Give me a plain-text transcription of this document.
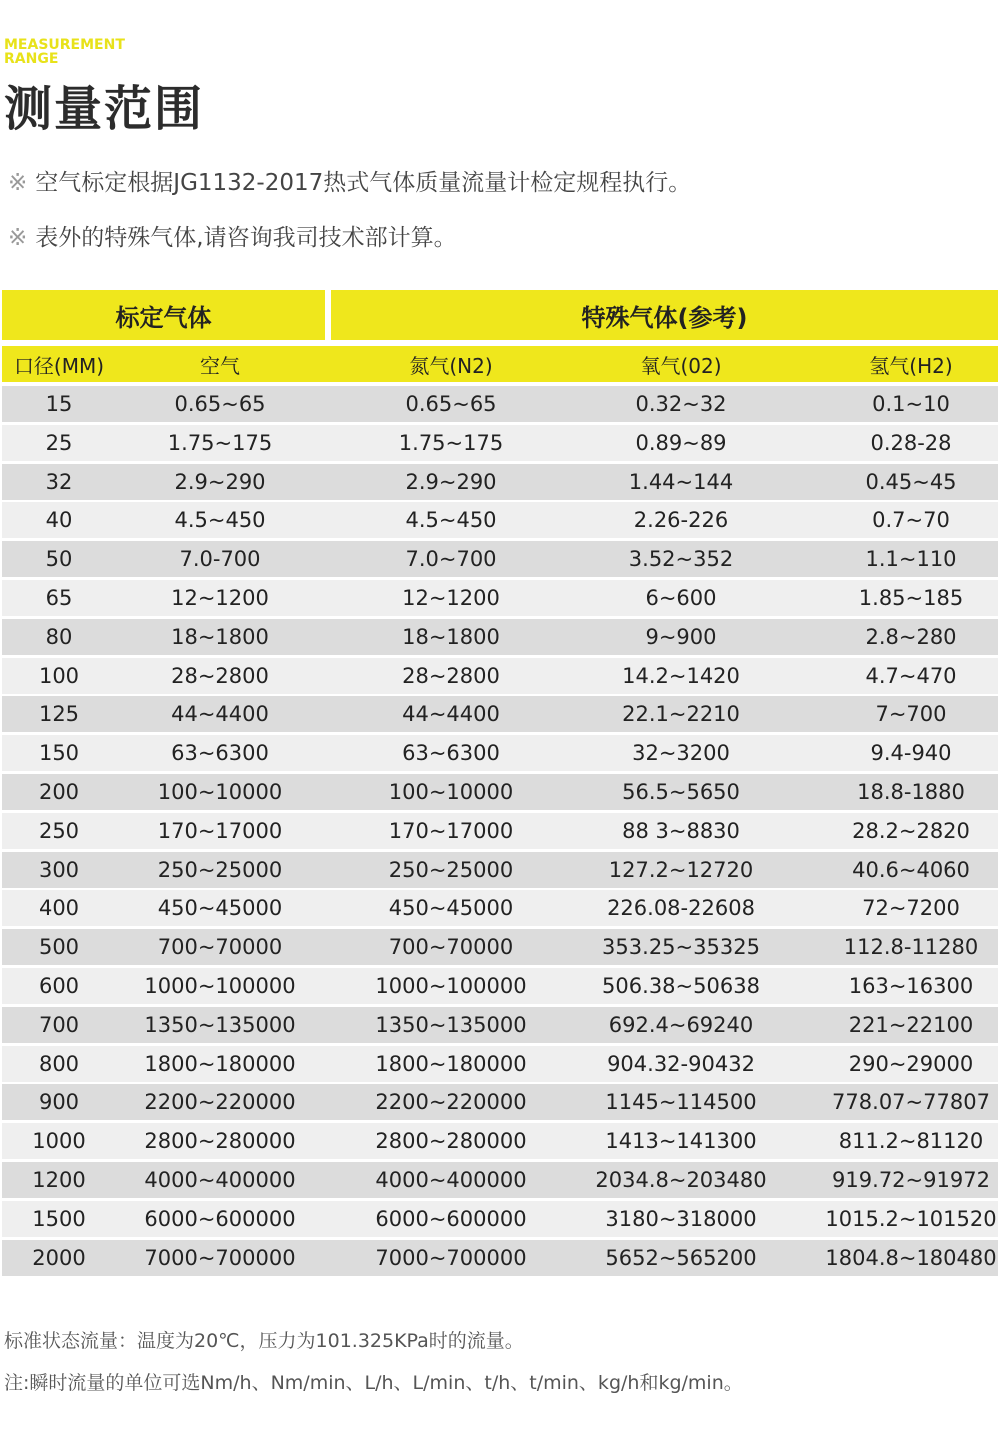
MEASUREMENT
RANGE
测量范围
※ 空气标定根据JG1132-2017热式气体质量流量计检定规程执行。
※ 表外的特殊气体,请咨询我司技术部计算。
标定气体	特殊气体(参考)
口径(MM)	空气	氮气(N2)	氧气(02)	氢气(H2)
15	0.65~65	0.65~65	0.32~32	0.1~10
25	1.75~175	1.75~175	0.89~89	0.28-28
32	2.9~290	2.9~290	1.44~144	0.45~45
40	4.5~450	4.5~450	2.26-226	0.7~70
50	7.0-700	7.0~700	3.52~352	1.1~110
65	12~1200	12~1200	6~600	1.85~185
80	18~1800	18~1800	9~900	2.8~280
100	28~2800	28~2800	14.2~1420	4.7~470
125	44~4400	44~4400	22.1~2210	7~700
150	63~6300	63~6300	32~3200	9.4-940
200	100~10000	100~10000	56.5~5650	18.8-1880
250	170~17000	170~17000	88 3~8830	28.2~2820
300	250~25000	250~25000	127.2~12720	40.6~4060
400	450~45000	450~45000	226.08-22608	72~7200
500	700~70000	700~70000	353.25~35325	112.8-11280
600	1000~100000	1000~100000	506.38~50638	163~16300
700	1350~135000	1350~135000	692.4~69240	221~22100
800	1800~180000	1800~180000	904.32-90432	290~29000
900	2200~220000	2200~220000	1145~114500	778.07~77807
1000	2800~280000	2800~280000	1413~141300	811.2~81120
1200	4000~400000	4000~400000	2034.8~203480	919.72~91972
1500	6000~600000	6000~600000	3180~318000	1015.2~101520
2000	7000~700000	7000~700000	5652~565200	1804.8~180480
标准状态流量：温度为20℃，压力为101.325KPa时的流量。
注:瞬时流量的单位可选Nm/h、Nm/min、L/h、L/min、t/h、t/min、kg/h和kg/min。
